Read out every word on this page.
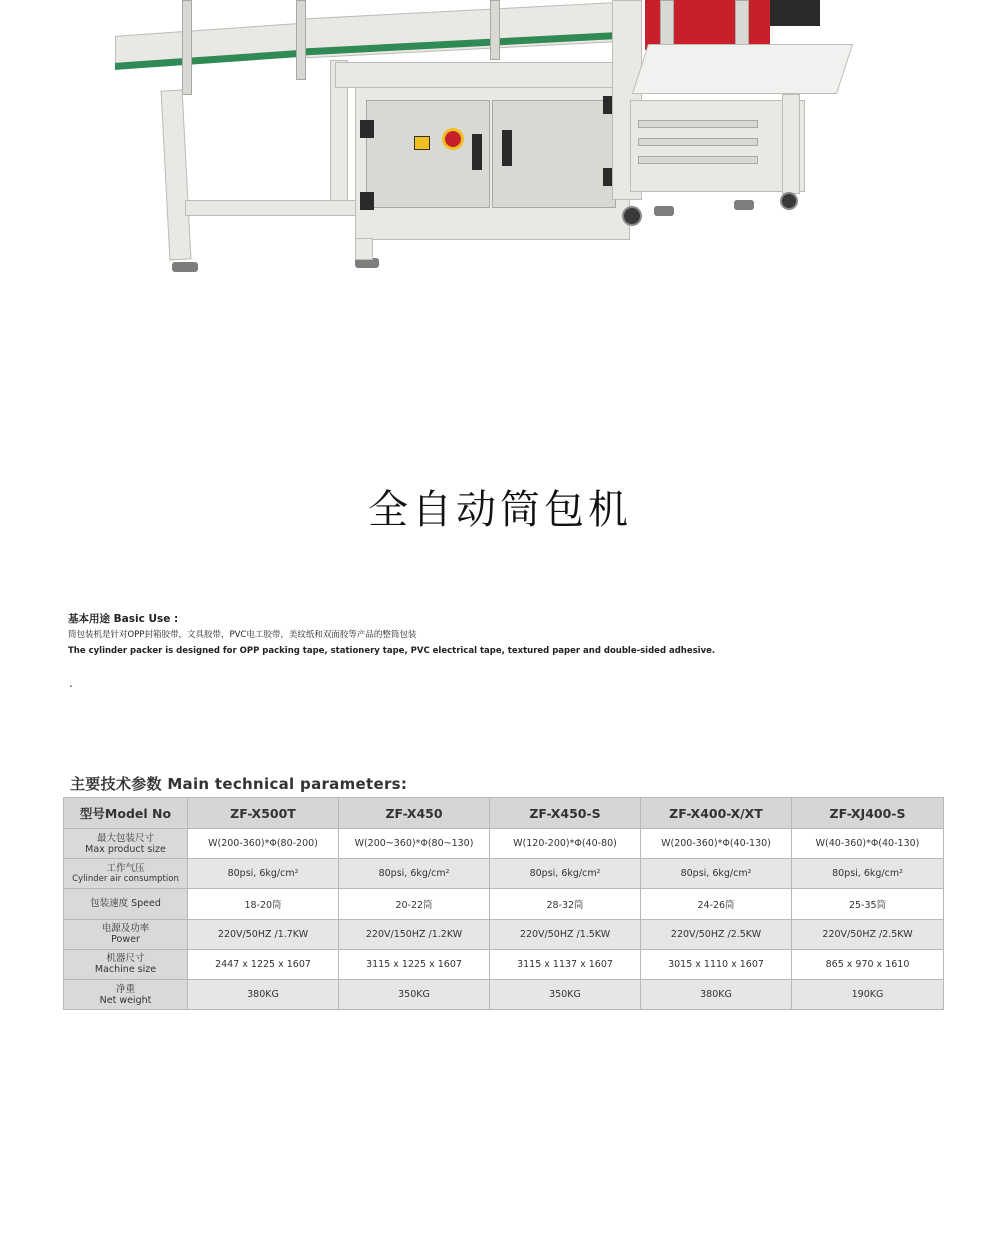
全自动筒包机
基本用途 Basic Use :
筒包装机是针对OPP封箱胶带，文具胶带，PVC电工胶带，美纹纸和双面胶等产品的整筒包装
The cylinder packer is designed for OPP packing tape, stationery tape, PVC electrical tape, textured paper and double-sided adhesive.
.
主要技术参数 Main technical parameters:
型号Model No	ZF-X500T	ZF-X450	ZF-X450-S	ZF-X400-X/XT	ZF-XJ400-S

最大包装尺寸
Max product size	W(200-360)*Φ(80-200)	W(200~360)*Φ(80~130)	W(120-200)*Φ(40-80)	W(200-360)*Φ(40-130)	W(40-360)*Φ(40-130)

工作气压
Cylinder air consumption	80psi, 6kg/cm²	80psi, 6kg/cm²	80psi, 6kg/cm²	80psi, 6kg/cm²	80psi, 6kg/cm²

包装速度 Speed	18-20筒	20-22筒	28-32筒	24-26筒	25-35筒

电源及功率
Power	220V/50HZ /1.7KW	220V/150HZ /1.2KW	220V/50HZ /1.5KW	220V/50HZ /2.5KW	220V/50HZ /2.5KW

机器尺寸
Machine size	2447 x 1225 x 1607	3115 x 1225 x 1607	3115 x 1137 x 1607	3015 x 1110 x 1607	865 x 970 x 1610

净重
Net weight	380KG	350KG	350KG	380KG	190KG
